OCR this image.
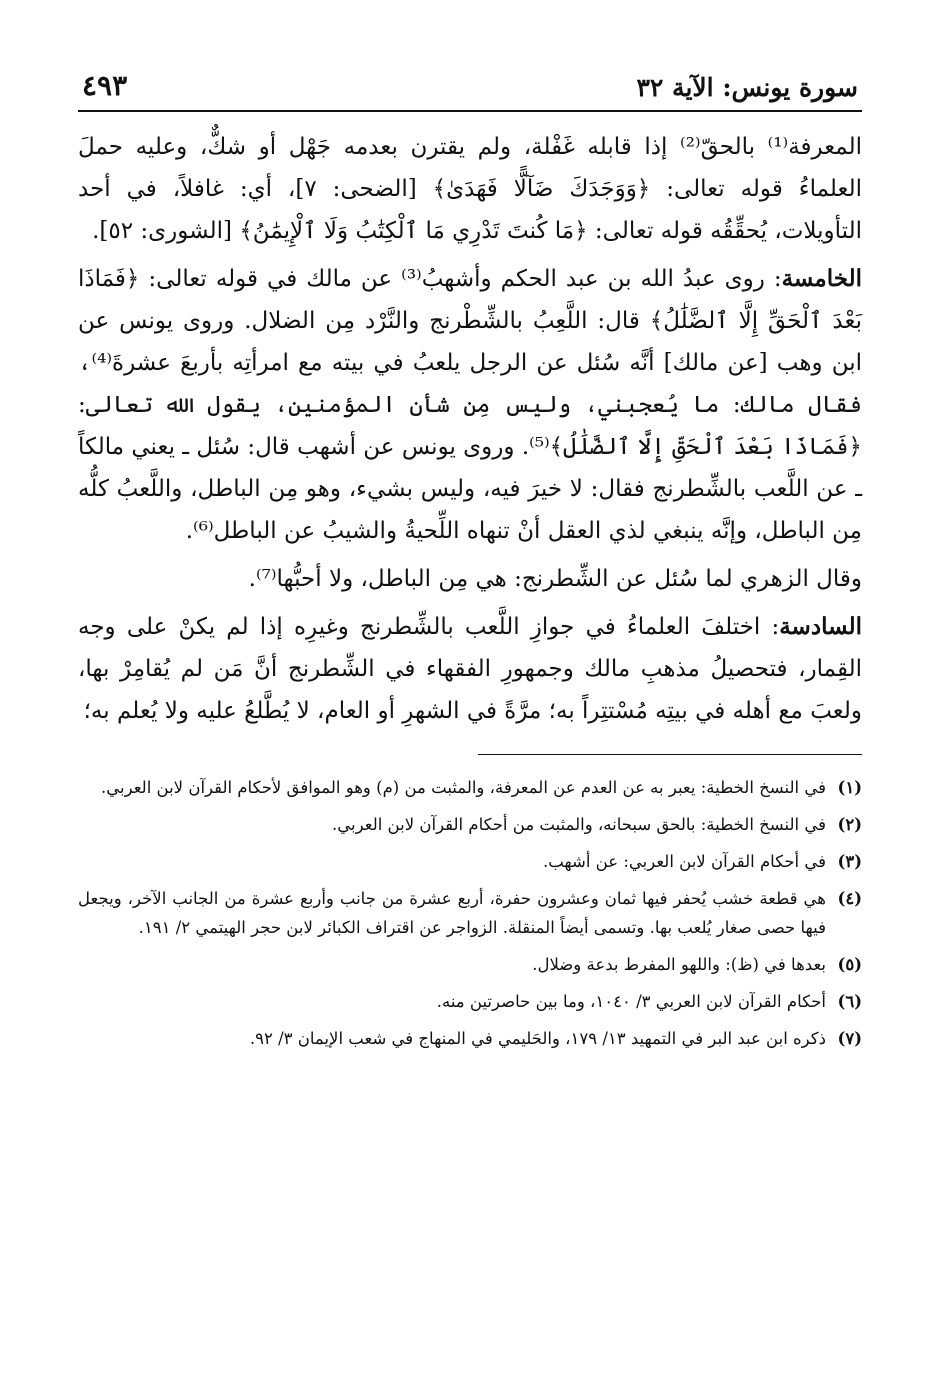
سورة يونس: الآية ٣٢
٤٩٣

المعرفة⁽¹⁾ بالحقّ⁽²⁾ إذا قابله غَفْلة، ولم يقترن بعدمه جَهْل أو شكٌّ، وعليه حملَ العلماءُ قوله تعالى: ﴿وَوَجَدَكَ ضَآلًّا فَهَدَىٰ﴾ [الضحى: ٧]، أي: غافلاً، في أحد التأويلات، يُحقِّقُه قوله تعالى: ﴿مَا كُنتَ تَدْرِي مَا ٱلْكِتَٰبُ وَلَا ٱلْإِيمَٰنُ﴾ [الشورى: ٥٢].

الخامسة: روى عبدُ الله بن عبد الحكم وأشهبُ⁽³⁾ عن مالك في قوله تعالى: ﴿فَمَاذَا بَعْدَ ٱلْحَقِّ إِلَّا ٱلضَّلَٰلُ﴾ قال: اللَّعِبُ بالشِّطْرنج والنَّرْد مِن الضلال. وروى يونس عن ابن وهب [عن مالك] أنَّه سُئل عن الرجل يلعبُ في بيته مع امرأتِه بأربعَ عشرةَ⁽⁴⁾، فقال مالك: ما يُعجبني، وليس مِن شأن المؤمنين، يقول الله تعالى: ﴿فَمَاذَا بَعْدَ ٱلْحَقِّ إِلَّا ٱلضَّلَٰلُ﴾⁽⁵⁾. وروى يونس عن أشهب قال: سُئل ـ يعني مالكاً ـ عن اللَّعب بالشِّطرنج فقال: لا خيرَ فيه، وليس بشيء، وهو مِن الباطل، واللَّعبُ كلُّه مِن الباطل، وإنَّه ينبغي لذي العقل أنْ تنهاه اللِّحيةُ والشيبُ عن الباطل⁽⁶⁾.

وقال الزهري لما سُئل عن الشِّطرنج: هي مِن الباطل، ولا أحبُّها⁽⁷⁾.

السادسة: اختلفَ العلماءُ في جوازِ اللَّعب بالشِّطرنج وغيرِه إذا لم يكنْ على وجه القِمار، فتحصيلُ مذهبِ مالك وجمهورِ الفقهاء في الشِّطرنج أنَّ مَن لم يُقامِرْ بها، ولعبَ مع أهله في بيتِه مُسْتتِراً به؛ مرَّةً في الشهرِ أو العام، لا يُطَّلعُ عليه ولا يُعلم به؛

(١)
في النسخ الخطية: يعبر به عن العدم عن المعرفة، والمثبت من (م) وهو الموافق لأحكام القرآن لابن العربي.
(٢)
في النسخ الخطية: بالحق سبحانه، والمثبت من أحكام القرآن لابن العربي.
(٣)
في أحكام القرآن لابن العربي: عن أشهب.
(٤)
هي قطعة خشب يُحفر فيها ثمان وعشرون حفرة، أربع عشرة من جانب وأربع عشرة من الجانب الآخر، ويجعل فيها حصى صغار يُلعب بها. وتسمى أيضاً المنقلة. الزواجر عن اقتراف الكبائر لابن حجر الهيتمي ٢/ ١٩١.
(٥)
بعدها في (ظ): واللهو المفرط بدعة وضلال.
(٦)
أحكام القرآن لابن العربي ٣/ ١٠٤٠، وما بين حاصرتين منه.
(٧)
ذكره ابن عبد البر في التمهيد ١٣/ ١٧٩، والحَليمي في المنهاج في شعب الإيمان ٣/ ٩٢.
